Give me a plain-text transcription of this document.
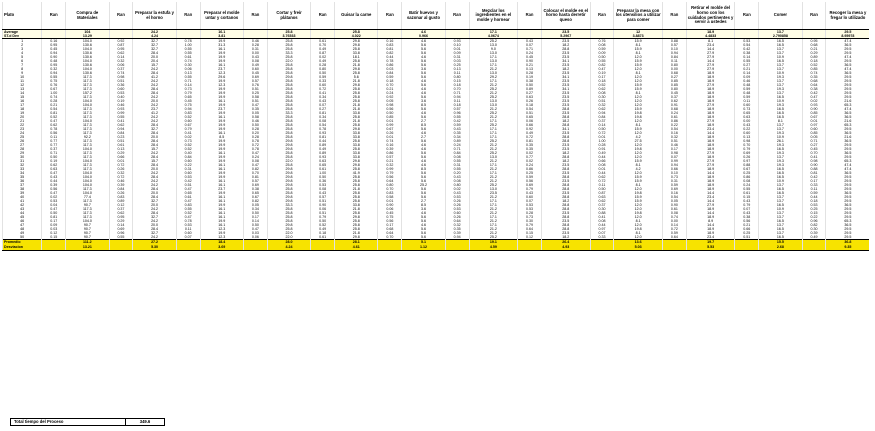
Plato	Ran	Compra de Materiales	Ran	Preparar la estufa y el horno	Ran	Preparar el molde untar y cortanos	Ran	Cortar y freír plátanos	Ran	Guisar la carne	Ran	Batir huevos y sazonar al gusto	Ran	Mezclar los ingredientes en el molde y hornear	Ran	Colocar el molde en el horno hasta derretir queso	Ran	Preparar la mesa con los utensilios a utilizar para comer	Ran	Retirar el molde del horno con los cuidados pertinentes y servir a ustedes	Ran	Comer	Ran	Recoger la mesa y fregar lo utilizado
Average		104		24.2		16.1		25.8		25.8		4.6		17.1		23.5		12		18.9		13.7		29.5
ST.d Dev		13.29		4.24		3.81		3.76533		4.022		0.966		4.0674		5.2967		3.8873		4.4833		2.790858		8.95978
1	0.16	104.0	0.92	32.7	0.78	19.9	0.46	25.8	0.61	29.8	0.16	4.6	0.93	25.2	0.43	23.5	0.76	15.9	0.88	8.1	0.53	16.5	0.95	47.4
2	0.95	130.6	0.87	32.7	1.00	31.3	0.28	25.8	0.70	29.8	0.83	5.6	0.10	13.0	0.07	18.2	0.08	8.1	0.57	23.4	0.54	16.5	0.68	36.5
3	0.45	104.0	0.95	32.7	0.55	16.1	0.31	25.8	0.49	25.8	0.81	5.6	0.01	9.0	0.71	28.8	0.59	15.9	0.10	14.4	0.42	13.7	0.21	29.5
4	0.94	130.6	0.62	28.4	0.55	19.9	0.00	33.3	0.87	33.8	0.82	5.6	0.09	13.0	0.24	23.5	0.09	8.1	0.94	27.9	0.38	13.7	0.29	29.5
5	0.90	130.6	0.14	20.0	0.61	19.9	0.43	25.8	0.02	18.1	0.44	4.6	0.31	17.1	0.45	23.5	0.50	12.0	0.84	27.9	0.14	10.9	0.89	47.4
6	0.48	104.0	0.32	20.4	0.74	19.9	0.08	22.0	0.49	25.8	0.78	5.6	0.03	13.0	0.90	34.1	0.55	15.9	0.11	14.4	0.55	16.5	0.18	29.5
7	0.95	130.6	0.06	15.7	0.30	16.1	0.49	25.8	0.28	21.8	0.86	5.6	0.25	17.1	0.21	23.5	0.82	15.9	0.80	27.9	0.27	13.7	0.52	36.5
8	0.32	104.0	0.37	24.2	0.06	23.7	0.60	25.8	0.80	29.8	0.03	3.6	0.13	21.2	0.13	18.2	0.47	12.0	0.00	27.9	0.21	13.7	0.85	47.4
9	0.94	130.6	0.74	28.4	0.13	12.3	0.45	25.8	0.50	25.8	0.84	5.6	0.11	13.0	0.28	23.5	0.19	8.1	0.68	18.9	0.14	10.9	0.74	36.5
10	0.55	117.3	0.98	41.2	0.55	29.6	0.69	29.8	0.59	5.6	0.59	5.6	0.80	29.2	0.19	34.1	0.17	12.0	0.27	18.9	0.09	19.3	0.35	29.5
11	0.75	117.3	0.51	24.2	0.71	19.9	0.57	25.8	0.33	21.8	0.18	4.6	0.15	17.1	0.38	23.5	0.18	12.0	0.85	18.9	0.46	13.7	0.68	29.5
12	0.76	117.3	0.36	24.2	0.14	12.3	0.76	25.8	0.60	29.8	0.70	5.6	0.18	21.2	0.50	23.5	0.52	15.9	0.85	27.9	0.48	13.7	0.64	29.5
13	0.67	117.3	0.60	28.4	0.73	19.9	0.51	25.8	0.72	25.8	0.21	4.6	0.70	25.2	0.89	34.1	0.62	15.9	0.80	18.9	0.59	19.3	0.38	29.5
14	1.00	157.2	0.53	28.4	0.79	19.9	0.25	25.8	0.41	25.8	0.24	4.6	0.71	21.2	0.27	23.5	0.08	8.1	0.45	18.9	0.48	13.7	0.42	29.5
15	0.74	117.3	0.40	24.2	0.65	19.9	0.58	25.8	0.34	25.8	0.92	5.6	0.94	25.2	0.63	23.5	0.30	12.0	0.37	18.9	0.59	16.5	0.47	29.5
16	0.28	104.0	0.19	20.0	0.45	16.1	0.51	25.8	0.43	25.8	0.05	3.6	0.11	13.0	0.26	23.5	0.51	12.0	0.62	18.9	0.11	10.9	0.02	21.6
17	0.21	104.0	0.46	24.2	0.75	19.9	0.47	25.8	0.07	21.8	0.98	8.5	0.18	13.0	0.18	23.5	0.32	12.0	0.91	27.9	0.60	19.3	0.93	65.3
18	0.54	117.3	0.93	23.7	0.94	23.7	0.35	25.8	0.27	21.8	0.56	5.6	0.57	21.2	0.54	28.8	0.62	15.9	0.68	18.9	0.73	16.5	0.90	47.4
19	0.81	117.3	0.99	41.2	0.83	19.9	0.05	33.3	0.81	33.8	0.50	4.6	0.96	25.2	0.51	23.5	0.94	19.8	0.24	18.9	0.65	16.5	0.85	36.5
20	0.52	117.3	0.55	24.2	0.52	16.1	0.58	25.8	0.34	25.8	0.85	5.6	0.55	21.2	0.65	28.8	0.84	19.8	0.61	18.9	0.63	16.5	0.67	36.5
21	0.47	104.0	0.41	24.2	0.60	19.9	0.46	25.8	0.08	21.8	0.01	2.7	0.42	17.1	0.06	18.2	0.37	12.0	0.86	27.9	0.00	8.1	0.01	21.6
22	0.62	117.3	0.62	28.4	0.67	19.9	0.50	25.8	0.54	25.8	0.99	8.5	0.59	25.2	0.66	28.8	0.14	8.1	0.22	18.9	0.43	13.7	0.97	65.3
23	0.78	117.3	0.94	32.7	0.79	19.9	0.28	25.8	0.78	29.8	0.67	5.6	0.43	17.1	0.92	34.1	0.50	15.9	0.54	23.4	0.22	13.7	0.60	29.5
24	0.56	117.3	0.84	28.4	0.41	16.1	0.20	25.8	0.93	33.8	0.26	4.6	0.35	17.1	0.49	23.5	0.72	12.0	0.16	14.4	0.60	19.3	0.85	36.5
25	0.11	92.2	0.23	20.0	0.02	8.5	0.28	25.8	0.81	33.8	0.01	2.7	0.34	17.1	0.72	28.8	0.01	4.2	0.32	18.9	0.13	10.9	0.05	21.6
26	0.77	117.3	0.51	28.4	0.73	19.9	0.78	29.8	0.44	25.8	0.74	5.6	0.89	25.2	0.81	28.8	1.00	27.5	0.51	18.9	0.98	26.1	0.71	36.5
27	0.77	117.3	0.61	28.4	0.52	19.9	0.72	29.8	0.89	33.8	0.16	4.6	0.24	21.2	0.35	23.5	0.28	12.0	0.46	18.9	0.70	19.3	0.27	29.5
28	0.37	104.0	0.13	15.7	0.52	19.9	0.78	29.8	0.49	25.8	0.39	4.6	0.71	21.2	0.35	23.5	0.91	19.8	0.17	18.9	0.79	16.5	0.45	29.5
29	0.71	117.3	0.29	24.2	0.40	16.1	0.47	25.8	0.89	33.8	0.86	5.6	0.84	25.2	0.02	18.2	0.49	12.0	0.98	27.9	0.69	19.3	0.70	36.5
30	0.50	117.3	0.66	28.4	0.84	19.9	0.24	25.8	0.93	33.8	0.57	5.6	0.08	13.0	0.77	28.8	0.44	12.0	0.07	18.9	0.26	13.7	0.41	29.5
31	0.19	104.0	0.01	15.7	0.60	19.9	0.08	22.0	0.63	29.8	0.21	4.6	0.55	21.2	0.02	18.2	0.66	15.9	0.99	27.9	0.97	19.3	0.98	65.3
32	0.62	117.3	0.72	28.4	0.22	16.1	0.47	25.8	0.65	29.8	0.32	4.6	0.31	17.1	0.24	23.5	0.08	8.1	0.94	27.9	0.88	19.3	0.90	47.4
33	0.63	117.3	0.26	20.0	0.31	16.1	0.82	29.8	0.61	25.8	0.99	8.5	0.55	21.2	0.86	28.8	0.01	4.2	0.66	18.9	0.67	16.5	0.88	47.4
34	0.47	104.0	0.32	24.2	0.60	19.9	0.70	29.8	1.00	41.9	0.79	5.6	0.20	17.1	0.25	23.5	0.44	12.0	0.10	14.4	0.25	16.5	0.81	36.5
35	0.43	104.0	0.72	28.4	0.53	19.9	0.81	29.8	0.50	25.8	0.56	5.6	0.43	21.2	0.59	28.8	0.62	15.9	0.73	18.9	0.86	16.5	0.42	29.5
36	0.44	104.0	0.46	24.2	0.42	16.1	0.57	29.8	0.36	25.8	0.64	5.6	0.08	21.2	0.56	23.5	0.72	15.9	0.31	18.9	0.08	10.9	0.17	29.5
37	0.39	104.0	0.39	24.2	0.51	16.1	0.69	29.8	0.53	25.8	0.80	25.2	0.80	25.2	0.69	28.8	0.11	8.1	0.59	18.9	0.24	13.7	0.33	29.5
38	0.56	117.3	0.84	28.4	0.47	23.7	0.38	25.8	0.08	21.8	0.70	5.6	0.02	13.0	0.79	28.8	0.50	12.0	0.69	18.9	0.55	16.5	0.11	29.5
39	0.47	104.0	0.26	20.0	0.65	19.9	0.65	25.8	0.43	25.8	0.83	5.6	0.43	23.5	0.43	23.5	0.87	19.8	0.16	14.4	0.61	16.5	0.59	36.5
40	0.02	77.4	0.83	28.4	0.61	16.1	0.67	29.8	0.57	25.8	0.58	5.6	0.53	21.2	0.60	28.8	0.63	15.9	0.54	23.4	0.15	13.7	0.44	29.5
41	0.53	117.3	0.89	32.7	0.47	16.1	0.82	29.8	0.51	25.8	0.01	2.7	0.26	17.1	0.07	18.2	0.62	15.9	0.05	14.4	0.43	13.7	0.18	29.5
42	0.04	90.7	0.12	20.0	0.83	19.9	0.05	33.3	0.90	33.8	0.90	8.5	0.26	17.1	0.53	28.8	0.37	12.0	0.90	27.9	0.79	16.5	0.53	36.5
43	0.47	117.3	0.37	24.2	0.55	16.1	0.34	25.8	0.06	21.8	0.06	3.6	0.53	21.2	0.53	28.8	0.30	12.0	0.61	18.9	0.07	10.9	0.25	29.5
44	0.50	117.3	0.62	28.4	0.52	16.1	0.50	25.8	0.51	25.8	0.45	4.6	0.60	21.2	0.28	23.5	0.88	19.8	0.08	14.4	0.43	13.7	0.15	29.5
45	0.81	117.3	0.95	32.7	0.47	16.1	0.17	25.8	0.79	29.8	0.75	5.6	0.26	17.1	0.73	28.8	0.41	12.0	0.74	18.9	0.38	13.7	0.22	29.5
46	0.17	104.0	0.29	24.2	0.78	19.9	0.14	25.8	0.50	25.8	0.56	5.6	0.64	21.2	0.30	23.5	0.08	8.1	0.00	8.9	0.56	16.5	0.96	65.3
47	0.09	90.7	0.14	20.0	0.53	16.1	0.50	29.8	0.52	25.8	0.17	4.6	0.32	17.1	0.79	28.8	0.44	12.0	0.14	14.4	0.21	13.7	0.82	36.5
48	0.03	90.7	0.69	28.4	0.11	12.3	0.47	25.8	0.49	25.8	0.68	5.6	0.35	21.2	0.64	28.8	0.97	19.8	0.72	18.9	0.66	16.5	0.30	29.5
49	0.12	90.7	0.96	32.7	0.60	19.9	0.03	22.0	0.18	21.8	0.64	5.6	0.39	21.2	0.15	23.5	0.07	8.1	0.59	18.9	0.25	13.7	0.39	29.5
50	0.15	90.7	0.55	24.2	0.07	12.3	0.06	22.0	0.61	29.8	0.70	5.6	0.94	25.2	0.12	18.2	0.33	12.0	0.64	23.4	0.51	16.5	0.49	29.5
Promedio		111.2		27.2		18.4		28.0		28.1		5.1		19.1		26.4		13.6		19.7		15.5		36.8
Desviacion		13.21		5.30		3.69		4.24		4.61		1.12		4.59		4.93		5.03		5.53		2.68		9.35
Total tiempo del Proceso	349.6
